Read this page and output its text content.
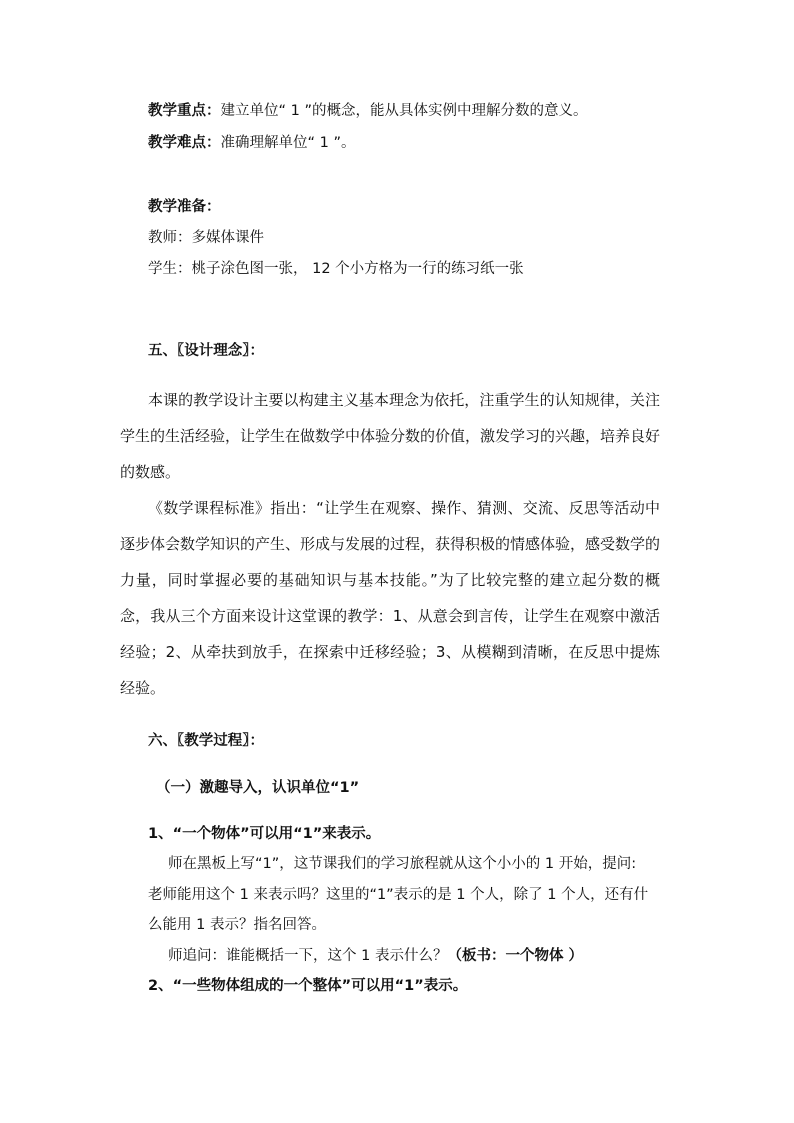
教学重点：建立单位“ 1 ”的概念，能从具体实例中理解分数的意义。
教学难点：准确理解单位“ 1 ”。
教学准备：
教师：多媒体课件
学生：桃子涂色图一张， 12 个小方格为一行的练习纸一张
五、〖设计理念〗：
本课的教学设计主要以构建主义基本理念为依托，注重学生的认知规律，关注学生的生活经验，让学生在做数学中体验分数的价值，激发学习的兴趣，培养良好的数感。
《数学课程标准》指出：“让学生在观察、操作、猜测、交流、反思等活动中逐步体会数学知识的产生、形成与发展的过程，获得积极的情感体验，感受数学的力量，同时掌握必要的基础知识与基本技能。”为了比较完整的建立起分数的概念，我从三个方面来设计这堂课的教学：1、从意会到言传，让学生在观察中激活经验；2、从牵扶到放手，在探索中迁移经验；3、从模糊到清晰，在反思中提炼经验。
六、〖教学过程〗：
（一）激趣导入，认识单位“1”
1、“一个物体”可以用“1”来表示。
师在黑板上写“1”，这节课我们的学习旅程就从这个小小的 1 开始，提问:
老师能用这个 1 来表示吗？这里的“1”表示的是 1 个人，除了 1 个人，还有什
么能用 1 表示？指名回答。
师追问：谁能概括一下，这个 1 表示什么？（板书：一个物体 ）
2、“一些物体组成的一个整体”可以用“1”表示。
